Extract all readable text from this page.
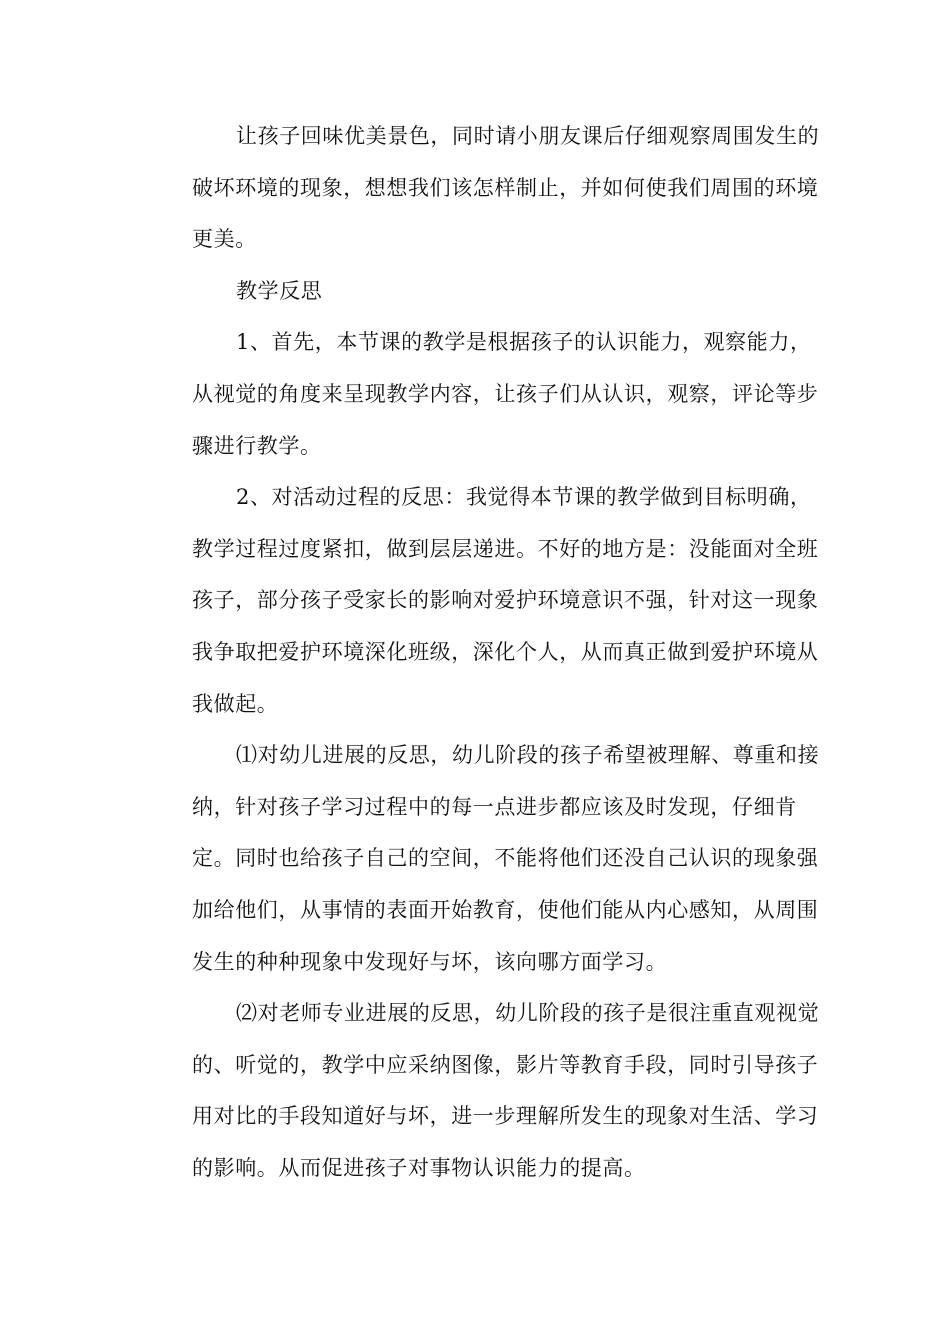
让孩子回味优美景色，同时请小朋友课后仔细观察周围发生的
破坏环境的现象，想想我们该怎样制止，并如何使我们周围的环境
更美。

教学反思

1、首先，本节课的教学是根据孩子的认识能力，观察能力，
从视觉的角度来呈现教学内容，让孩子们从认识，观察，评论等步
骤进行教学。

2、对活动过程的反思：我觉得本节课的教学做到目标明确，
教学过程过度紧扣，做到层层递进。不好的地方是：没能面对全班
孩子，部分孩子受家长的影响对爱护环境意识不强，针对这一现象
我争取把爱护环境深化班级，深化个人，从而真正做到爱护环境从
我做起。

⑴对幼儿进展的反思，幼儿阶段的孩子希望被理解、尊重和接
纳，针对孩子学习过程中的每一点进步都应该及时发现，仔细肯
定。同时也给孩子自己的空间，不能将他们还没自己认识的现象强
加给他们，从事情的表面开始教育，使他们能从内心感知，从周围
发生的种种现象中发现好与坏，该向哪方面学习。

⑵对老师专业进展的反思，幼儿阶段的孩子是很注重直观视觉
的、听觉的，教学中应采纳图像，影片等教育手段，同时引导孩子
用对比的手段知道好与坏，进一步理解所发生的现象对生活、学习
的影响。从而促进孩子对事物认识能力的提高。
